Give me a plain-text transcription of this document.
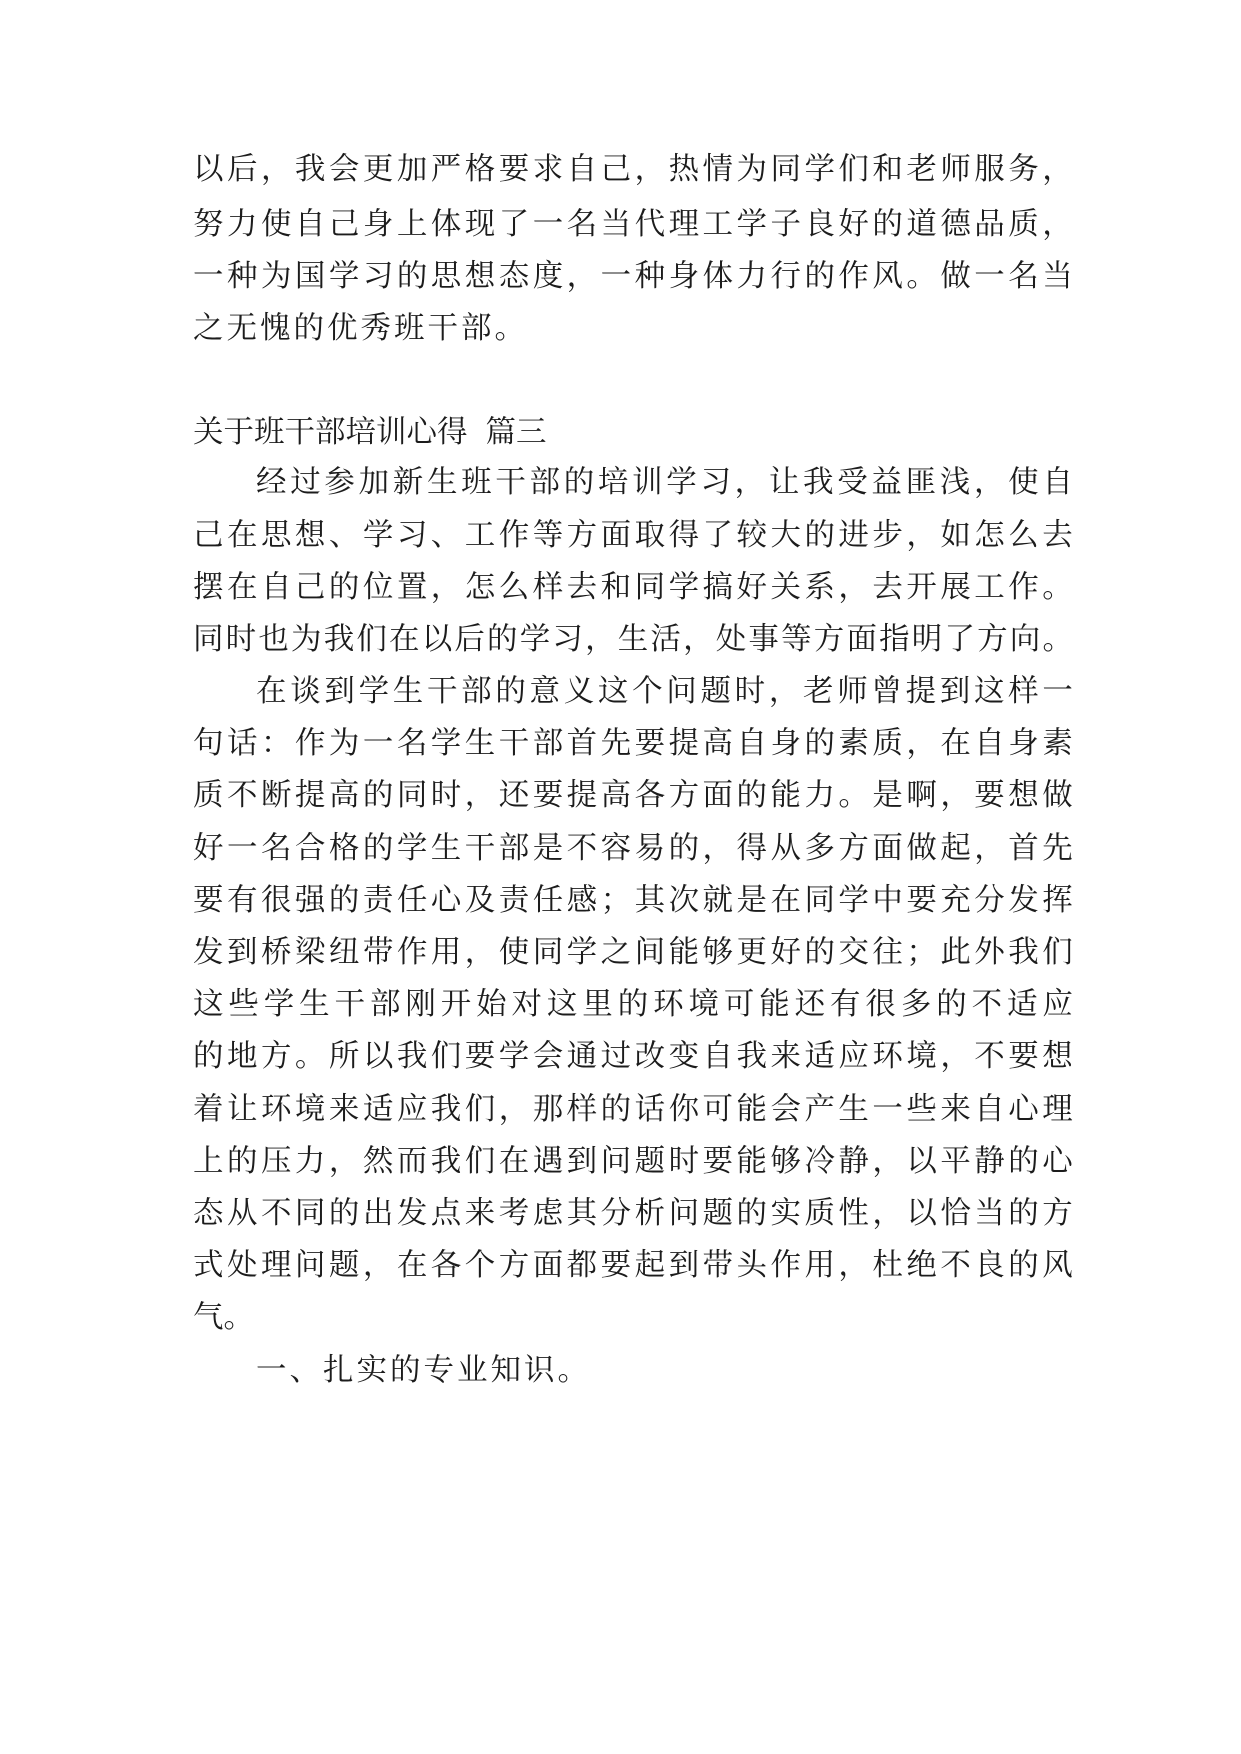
以 后 ， 我 会 更 加 严 格 要 求 自 己 ， 热 情 为 同 学 们 和 老 师 服 务 ，
努 力 使 自 己 身 上 体 现 了 一 名 当 代 理 工 学 子 良 好 的 道 德 品 质 ，
一 种 为 国 学 习 的 思 想 态 度 ， 一 种 身 体 力 行 的 作 风 。 做 一 名 当
之无愧的优秀班干部。
关于班干部培训心得 篇三
经 过 参 加 新 生 班 干 部 的 培 训 学 习 ， 让 我 受 益 匪 浅 ， 使 自
己 在 思 想 、 学 习 、 工 作 等 方 面 取 得 了 较 大 的 进 步 ， 如 怎 么 去
摆 在 自 己 的 位 置 ， 怎 么 样 去 和 同 学 搞 好 关 系 ， 去 开 展 工 作 。
同 时 也 为 我 们 在 以 后 的 学 习 ， 生 活 ， 处 事 等 方 面 指 明 了 方 向 。
在 谈 到 学 生 干 部 的 意 义 这 个 问 题 时 ， 老 师 曾 提 到 这 样 一
句 话 ： 作 为 一 名 学 生 干 部 首 先 要 提 高 自 身 的 素 质 ， 在 自 身 素
质 不 断 提 高 的 同 时 ， 还 要 提 高 各 方 面 的 能 力 。 是 啊 ， 要 想 做
好 一 名 合 格 的 学 生 干 部 是 不 容 易 的 ， 得 从 多 方 面 做 起 ， 首 先
要 有 很 强 的 责 任 心 及 责 任 感 ； 其 次 就 是 在 同 学 中 要 充 分 发 挥
发 到 桥 梁 纽 带 作 用 ， 使 同 学 之 间 能 够 更 好 的 交 往 ； 此 外 我 们
这 些 学 生 干 部 刚 开 始 对 这 里 的 环 境 可 能 还 有 很 多 的 不 适 应
的 地 方 。 所 以 我 们 要 学 会 通 过 改 变 自 我 来 适 应 环 境 ， 不 要 想
着 让 环 境 来 适 应 我 们 ， 那 样 的 话 你 可 能 会 产 生 一 些 来 自 心 理
上 的 压 力 ， 然 而 我 们 在 遇 到 问 题 时 要 能 够 冷 静 ， 以 平 静 的 心
态 从 不 同 的 出 发 点 来 考 虑 其 分 析 问 题 的 实 质 性 ， 以 恰 当 的 方
式 处 理 问 题 ， 在 各 个 方 面 都 要 起 到 带 头 作 用 ， 杜 绝 不 良 的 风
气。
一、扎实的专业知识。
